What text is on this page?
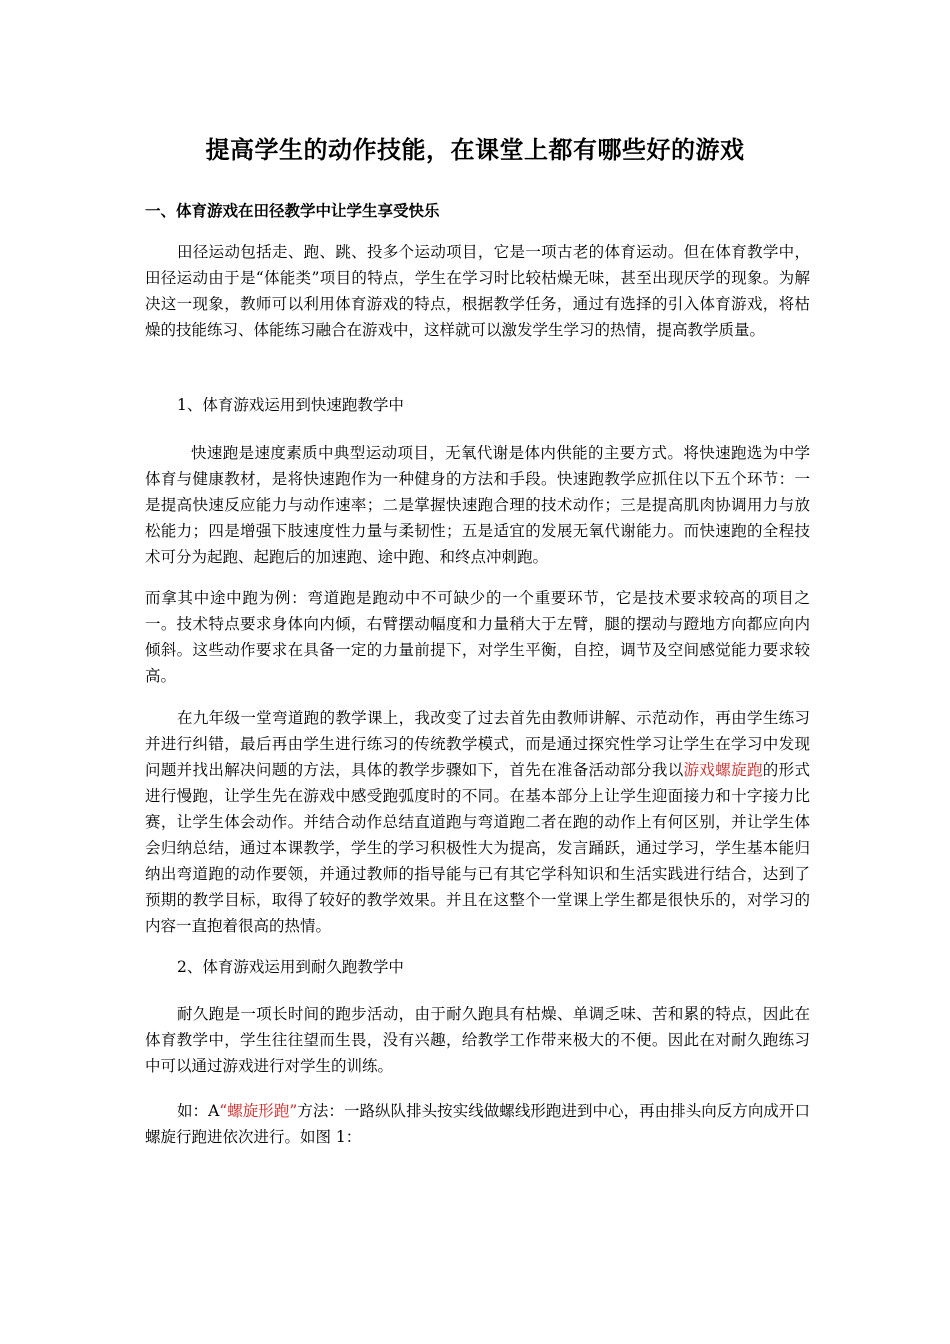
提高学生的动作技能，在课堂上都有哪些好的游戏
一、体育游戏在田径教学中让学生享受快乐

田径运动包括走、跑、跳、投多个运动项目，它是一项古老的体育运动。但在体育教学中，田径运动由于是“体能类”项目的特点，学生在学习时比较枯燥无味，甚至出现厌学的现象。为解决这一现象，教师可以利用体育游戏的特点，根据教学任务，通过有选择的引入体育游戏，将枯燥的技能练习、体能练习融合在游戏中，这样就可以激发学生学习的热情，提高教学质量。

1、体育游戏运用到快速跑教学中

快速跑是速度素质中典型运动项目，无氧代谢是体内供能的主要方式。将快速跑选为中学体育与健康教材，是将快速跑作为一种健身的方法和手段。快速跑教学应抓住以下五个环节：一是提高快速反应能力与动作速率；二是掌握快速跑合理的技术动作；三是提高肌肉协调用力与放松能力；四是增强下肢速度性力量与柔韧性；五是适宜的发展无氧代谢能力。而快速跑的全程技术可分为起跑、起跑后的加速跑、途中跑、和终点冲刺跑。

而拿其中途中跑为例：弯道跑是跑动中不可缺少的一个重要环节，它是技术要求较高的项目之一。技术特点要求身体向内倾，右臂摆动幅度和力量稍大于左臂，腿的摆动与蹬地方向都应向内倾斜。这些动作要求在具备一定的力量前提下，对学生平衡，自控，调节及空间感觉能力要求较高。

在九年级一堂弯道跑的教学课上，我改变了过去首先由教师讲解、示范动作，再由学生练习并进行纠错，最后再由学生进行练习的传统教学模式，而是通过探究性学习让学生在学习中发现问题并找出解决问题的方法，具体的教学步骤如下，首先在准备活动部分我以游戏螺旋跑的形式进行慢跑，让学生先在游戏中感受跑弧度时的不同。在基本部分上让学生迎面接力和十字接力比赛，让学生体会动作。并结合动作总结直道跑与弯道跑二者在跑的动作上有何区别，并让学生体会归纳总结，通过本课教学，学生的学习积极性大为提高，发言踊跃，通过学习，学生基本能归纳出弯道跑的动作要领，并通过教师的指导能与已有其它学科知识和生活实践进行结合，达到了预期的教学目标，取得了较好的教学效果。并且在这整个一堂课上学生都是很快乐的，对学习的内容一直抱着很高的热情。

2、体育游戏运用到耐久跑教学中

耐久跑是一项长时间的跑步活动，由于耐久跑具有枯燥、单调乏味、苦和累的特点，因此在体育教学中，学生往往望而生畏，没有兴趣，给教学工作带来极大的不便。因此在对耐久跑练习中可以通过游戏进行对学生的训练。

如：A“螺旋形跑”方法：一路纵队排头按实线做螺线形跑进到中心，再由排头向反方向成开口螺旋行跑进依次进行。如图 1：
